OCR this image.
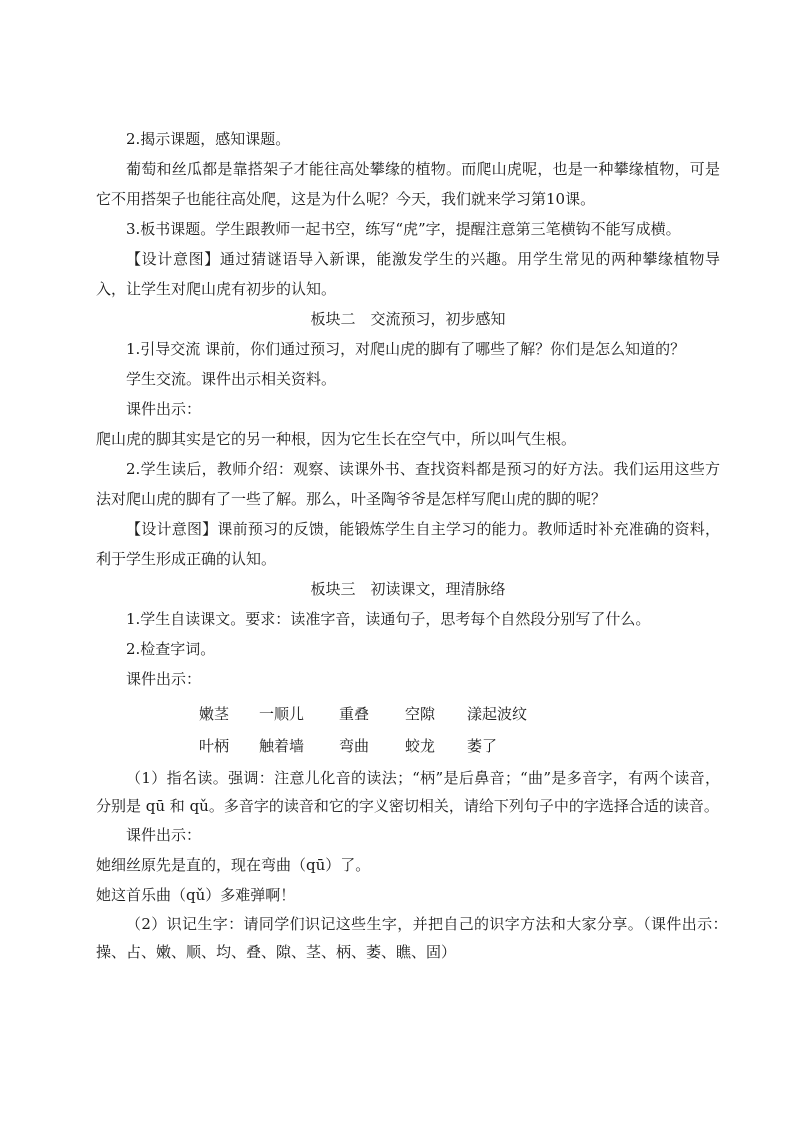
2.揭示课题，感知课题。

葡萄和丝瓜都是靠搭架子才能往高处攀缘的植物。而爬山虎呢，也是一种攀缘植物，可是它不用搭架子也能往高处爬，这是为什么呢？今天，我们就来学习第10课。

3.板书课题。学生跟教师一起书空，练写“虎”字，提醒注意第三笔横钩不能写成横。

【设计意图】通过猜谜语导入新课，能激发学生的兴趣。用学生常见的两种攀缘植物导入，让学生对爬山虎有初步的认知。

板块二　交流预习，初步感知

1.引导交流 课前，你们通过预习，对爬山虎的脚有了哪些了解？你们是怎么知道的？

学生交流。课件出示相关资料。

课件出示：

爬山虎的脚其实是它的另一种根，因为它生长在空气中，所以叫气生根。

2.学生读后，教师介绍：观察、读课外书、查找资料都是预习的好方法。我们运用这些方法对爬山虎的脚有了一些了解。那么，叶圣陶爷爷是怎样写爬山虎的脚的呢？

【设计意图】课前预习的反馈，能锻炼学生自主学习的能力。教师适时补充准确的资料，利于学生形成正确的认知。

板块三　初读课文，理清脉络

1.学生自读课文。要求：读准字音，读通句子，思考每个自然段分别写了什么。

2.检查字词。

课件出示：

嫩茎	一顺儿	重叠	空隙	漾起波纹
叶柄	触着墙	弯曲	蛟龙	萎了

（1）指名读。强调：注意儿化音的读法；“柄”是后鼻音；“曲”是多音字，有两个读音，分别是 qū 和 qǔ。多音字的读音和它的字义密切相关，请给下列句子中的字选择合适的读音。

课件出示：

她细丝原先是直的，现在弯曲（qū）了。

她这首乐曲（qǔ）多难弹啊！

（2）识记生字：请同学们识记这些生字，并把自己的识字方法和大家分享。（课件出示：　操、占、嫩、顺、均、叠、隙、茎、柄、萎、瞧、固）
